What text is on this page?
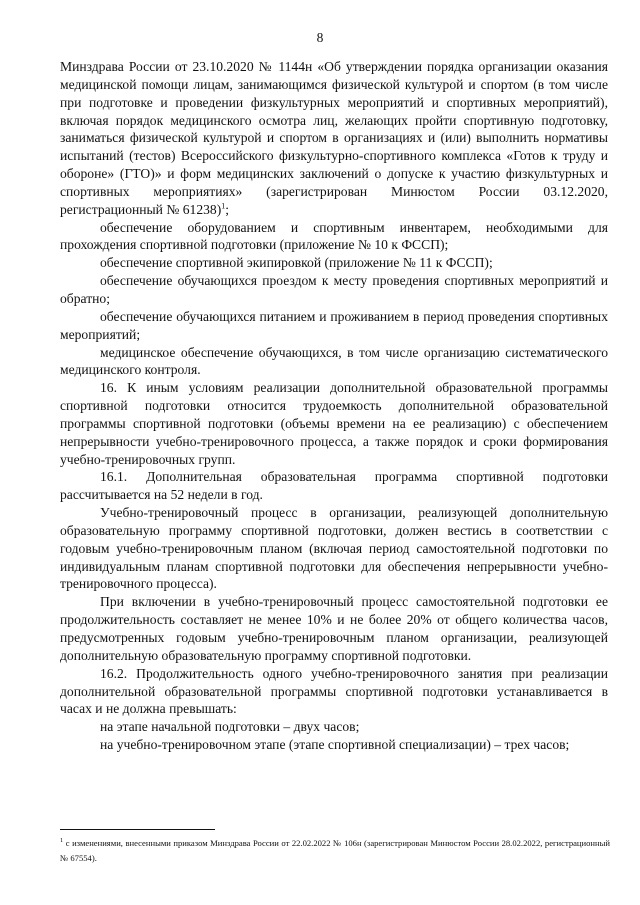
8

Минздрава России от 23.10.2020 № 1144н «Об утверждении порядка организации оказания медицинской помощи лицам, занимающимся физической культурой и спортом (в том числе при подготовке и проведении физкультурных мероприятий и спортивных мероприятий), включая порядок медицинского осмотра лиц, желающих пройти спортивную подготовку, заниматься физической культурой и спортом в организациях и (или) выполнить нормативы испытаний (тестов) Всероссийского физкультурно-спортивного комплекса «Готов к труду и обороне» (ГТО)» и форм медицинских заключений о допуске к участию физкультурных и спортивных мероприятиях» (зарегистрирован Минюстом России 03.12.2020, регистрационный № 61238)$^1$;

обеспечение оборудованием и спортивным инвентарем, необходимыми для прохождения спортивной подготовки (приложение № 10 к ФССП);

обеспечение спортивной экипировкой (приложение № 11 к ФССП);

обеспечение обучающихся проездом к месту проведения спортивных мероприятий и обратно;

обеспечение обучающихся питанием и проживанием в период проведения спортивных мероприятий;

медицинское обеспечение обучающихся, в том числе организацию систематического медицинского контроля.

16. К иным условиям реализации дополнительной образовательной программы спортивной подготовки относится трудоемкость дополнительной образовательной программы спортивной подготовки (объемы времени на ее реализацию) с обеспечением непрерывности учебно-тренировочного процесса, а также порядок и сроки формирования учебно-тренировочных групп.

16.1. Дополнительная образовательная программа спортивной подготовки рассчитывается на 52 недели в год.

Учебно-тренировочный процесс в организации, реализующей дополнительную образовательную программу спортивной подготовки, должен вестись в соответствии с годовым учебно-тренировочным планом (включая период самостоятельной подготовки по индивидуальным планам спортивной подготовки для обеспечения непрерывности учебно-тренировочного процесса).

При включении в учебно-тренировочный процесс самостоятельной подготовки ее продолжительность составляет не менее 10% и не более 20% от общего количества часов, предусмотренных годовым учебно-тренировочным планом организации, реализующей дополнительную образовательную программу спортивной подготовки.

16.2. Продолжительность одного учебно-тренировочного занятия при реализации дополнительной образовательной программы спортивной подготовки устанавливается в часах и не должна превышать:

на этапе начальной подготовки – двух часов;

на учебно-тренировочном этапе (этапе спортивной специализации) – трех часов;

$^1$ с изменениями, внесенными приказом Минздрава России от 22.02.2022 № 106н (зарегистрирован Минюстом России 28.02.2022, регистрационный № 67554).
